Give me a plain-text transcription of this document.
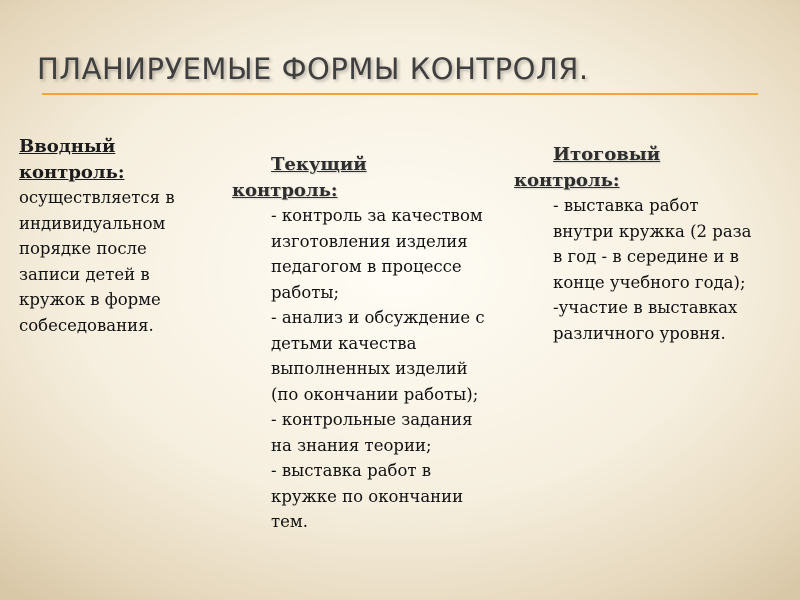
ПЛАНИРУЕМЫЕ ФОРМЫ КОНТРОЛЯ.

Вводный
контроль:

осуществляется в индивидуальном порядке после записи детей в кружок в форме собеседования.

Текущий
контроль:

- контроль за качеством изготовления изделия педагогом в процессе работы;

- анализ и обсуждение с детьми качества выполненных изделий (по окончании работы);

- контрольные задания на знания теории;

- выставка работ в кружке по окончании тем.

Итоговый
контроль:

- выставка работ внутри кружка (2 раза в год - в середине и в конце учебного года);

-участие в выставках различного уровня.
